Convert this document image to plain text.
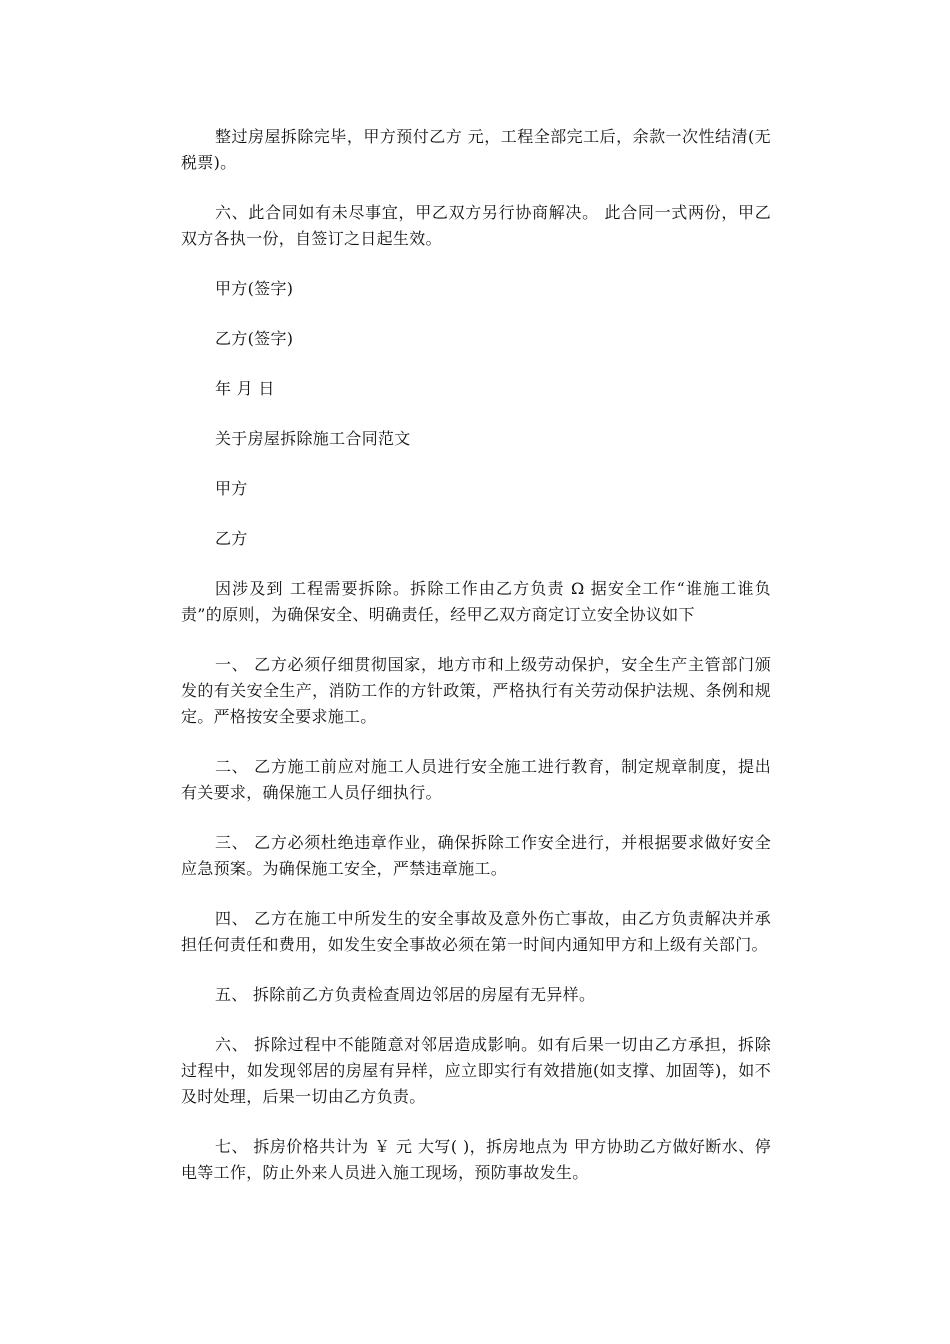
整过房屋拆除完毕，甲方预付乙方 元，工程全部完工后，余款一次性结清(无税票)。

六、此合同如有未尽事宜，甲乙双方另行协商解决。 此合同一式两份，甲乙双方各执一份，自签订之日起生效。

甲方(签字)

乙方(签字)

年 月 日

关于房屋拆除施工合同范文

甲方

乙方

因涉及到 工程需要拆除。拆除工作由乙方负责 Ω 据安全工作“谁施工谁负责”的原则，为确保安全、明确责任，经甲乙双方商定订立安全协议如下

一、 乙方必须仔细贯彻国家，地方市和上级劳动保护，安全生产主管部门颁发的有关安全生产，消防工作的方针政策，严格执行有关劳动保护法规、条例和规定。严格按安全要求施工。

二、 乙方施工前应对施工人员进行安全施工进行教育，制定规章制度，提出有关要求，确保施工人员仔细执行。

三、 乙方必须杜绝违章作业，确保拆除工作安全进行，并根据要求做好安全应急预案。为确保施工安全，严禁违章施工。

四、 乙方在施工中所发生的安全事故及意外伤亡事故，由乙方负责解决并承担任何责任和费用，如发生安全事故必须在第一时间内通知甲方和上级有关部门。

五、 拆除前乙方负责检查周边邻居的房屋有无异样。

六、 拆除过程中不能随意对邻居造成影响。如有后果一切由乙方承担，拆除过程中，如发现邻居的房屋有异样，应立即实行有效措施(如支撑、加固等)，如不及时处理，后果一切由乙方负责。

七、 拆房价格共计为 ￥ 元 大写( )，拆房地点为 甲方协助乙方做好断水、停电等工作，防止外来人员进入施工现场，预防事故发生。
